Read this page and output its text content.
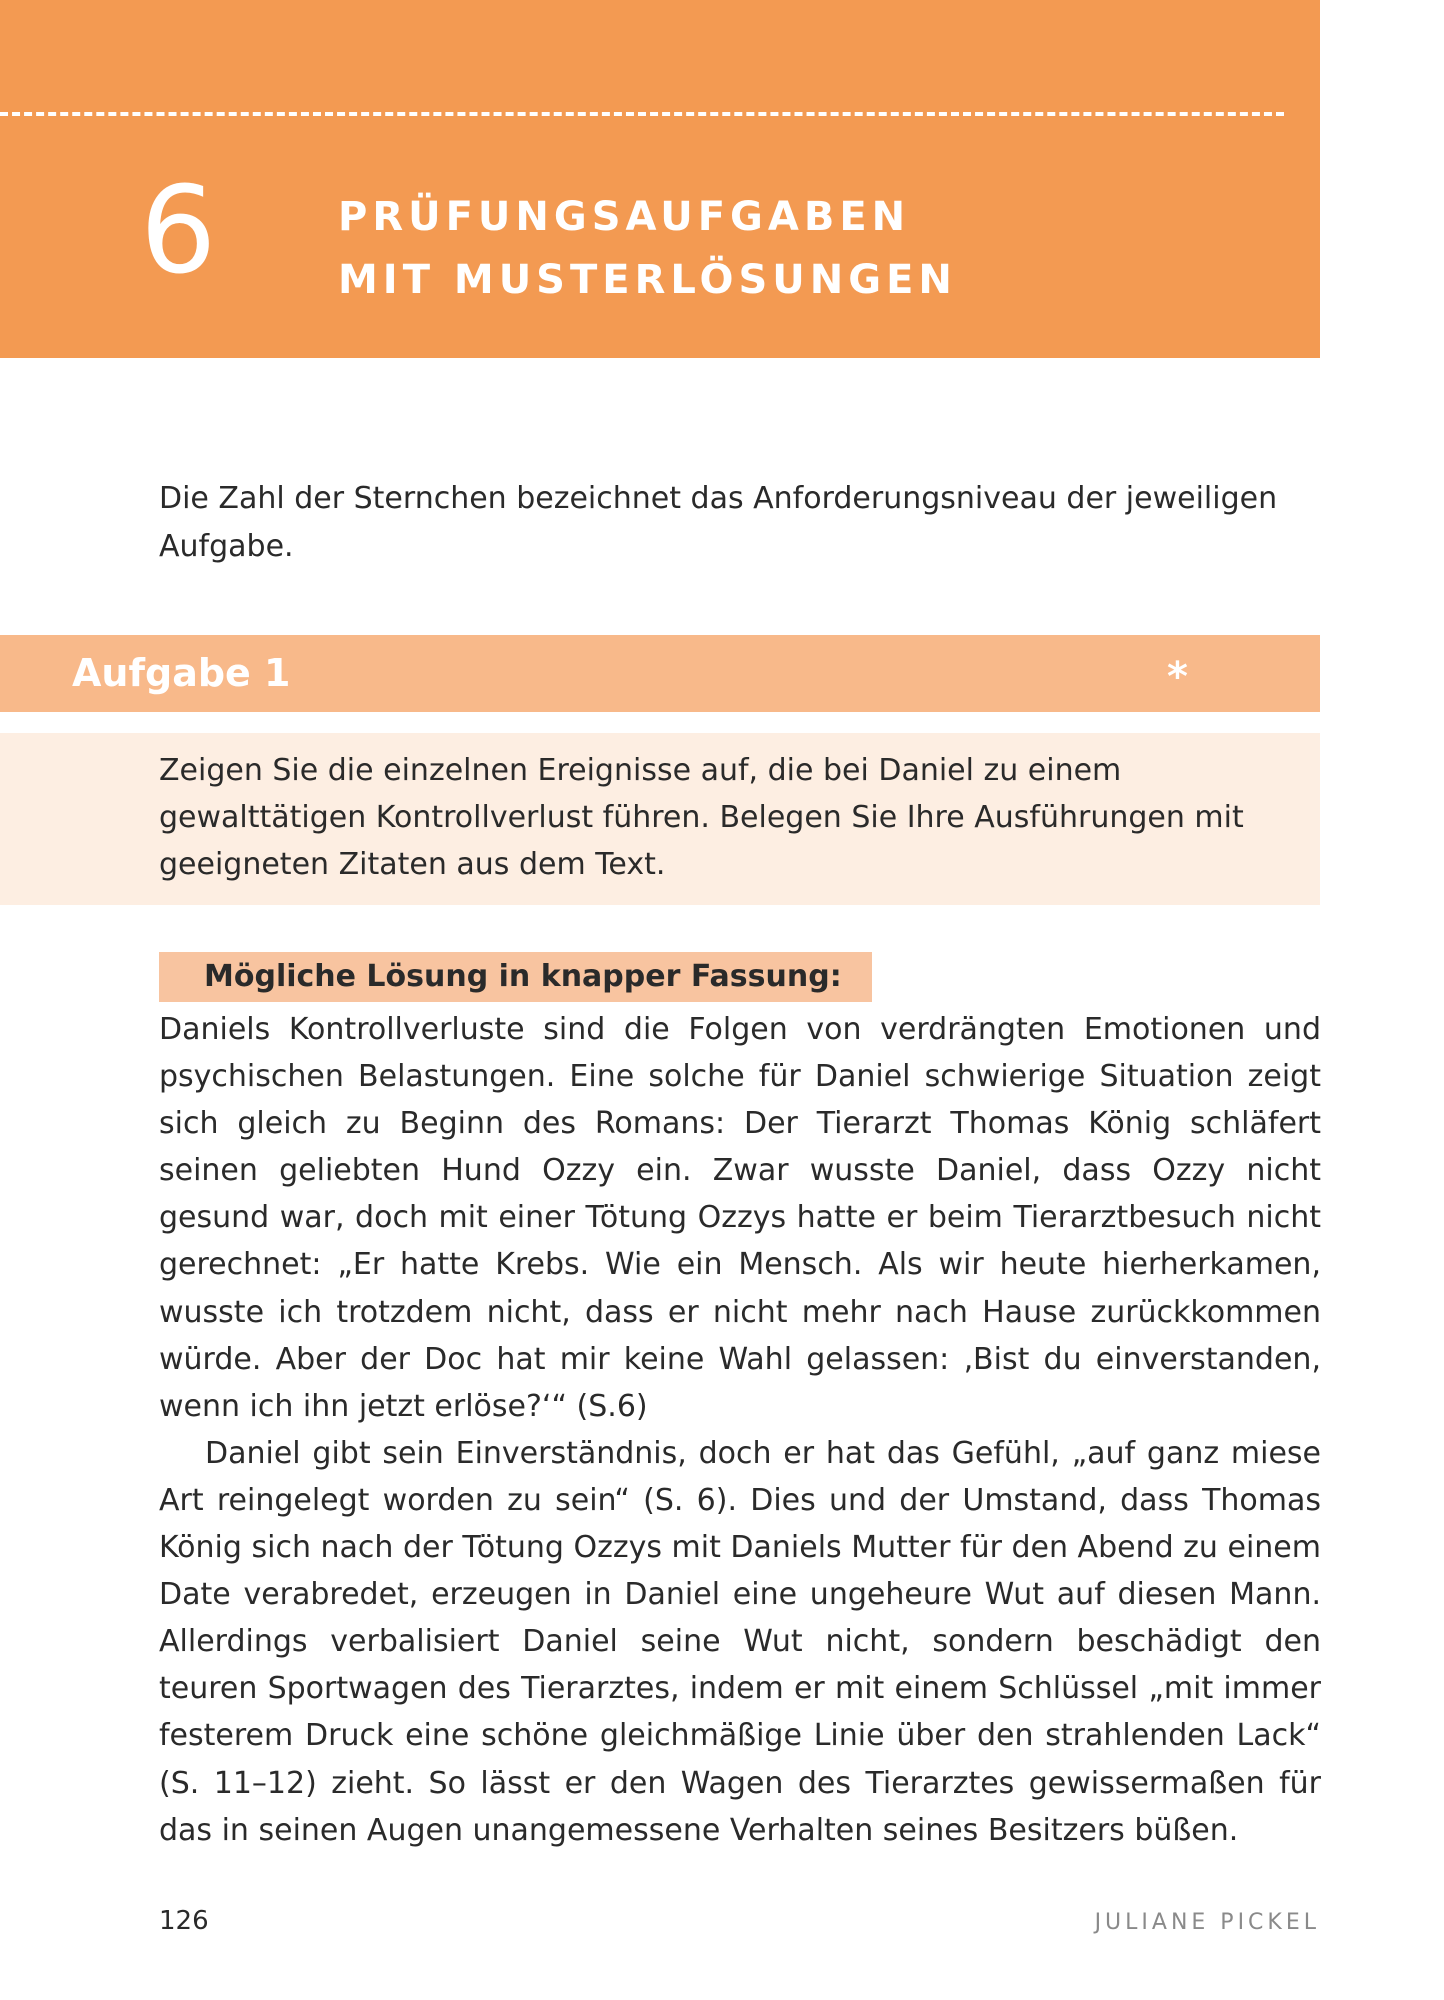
6	PRÜFUNGSAUFGABEN
MIT MUSTERLÖSUNGEN
Die Zahl der Sternchen bezeichnet das Anforderungsniveau der jeweiligen Aufgabe.
Aufgabe 1	*
Zeigen Sie die einzelnen Ereignisse auf, die bei Daniel zu einem gewalttätigen Kontrollverlust führen. Belegen Sie Ihre Ausführungen mit geeigneten Zitaten aus dem Text.
Mögliche Lösung in knapper Fassung:

Daniels Kontrollverluste sind die Folgen von verdrängten Emotionen und psychischen Belastungen. Eine solche für Daniel schwierige Situation zeigt sich gleich zu Beginn des Romans: Der Tierarzt Thomas König schläfert seinen geliebten Hund Ozzy ein. Zwar wusste Daniel, dass Ozzy nicht gesund war, doch mit einer Tötung Ozzys hatte er beim Tierarztbesuch nicht gerechnet: „Er hatte Krebs. Wie ein Mensch. Als wir heute hierherkamen, wusste ich trotzdem nicht, dass er nicht mehr nach Hause zurückkommen würde. Aber der Doc hat mir keine Wahl gelassen: ‚Bist du einverstanden, wenn ich ihn jetzt erlöse?‘“ (S.6)

Daniel gibt sein Einverständnis, doch er hat das Gefühl, „auf ganz miese Art reingelegt worden zu sein“ (S. 6). Dies und der Umstand, dass Thomas König sich nach der Tötung Ozzys mit Daniels Mutter für den Abend zu einem Date verabredet, erzeugen in Daniel eine ungeheure Wut auf diesen Mann. Allerdings verbalisiert Daniel seine Wut nicht, sondern beschädigt den teuren Sportwagen des Tierarztes, indem er mit einem Schlüssel „mit immer festerem Druck eine schöne gleichmäßige Linie über den strahlenden Lack“ (S. 11–12) zieht. So lässt er den Wagen des Tierarztes gewissermaßen für das in seinen Augen unangemessene Verhalten seines Besitzers büßen.

126	JULIANE PICKEL
